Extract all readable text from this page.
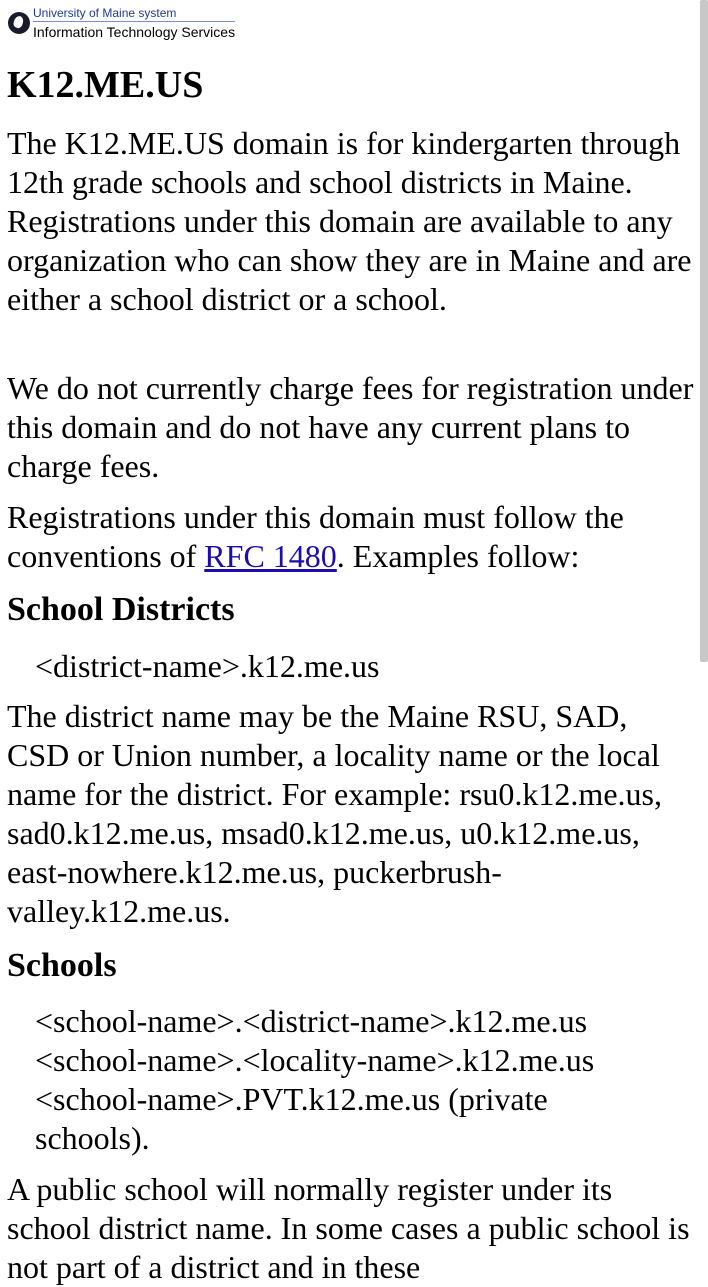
University of Maine system
Information Technology Services
K12.ME.US

The K12.ME.US domain is for kindergarten through 12th grade schools and school districts in Maine. Registrations under this domain are available to any organization who can show they are in Maine and are either a school district or a school.

We do not currently charge fees for registration under this domain and do not have any current plans to charge fees.

Registrations under this domain must follow the conventions of RFC 1480. Examples follow:

School Districts
<district-name>.k12.me.us

The district name may be the Maine RSU, SAD, CSD or Union number, a locality name or the local name for the district. For example: rsu0.k12.me.us, sad0.k12.me.us, msad0.k12.me.us, u0.k12.me.us, east-nowhere.k12.me.us, puckerbrush-valley.k12.me.us.

Schools
<school-name>.<district-name>.k12.me.us
<school-name>.<locality-name>.k12.me.us
<school-name>.PVT.k12.me.us (private
schools).

A public school will normally register under its school district name. In some cases a public school is not part of a district and in these
